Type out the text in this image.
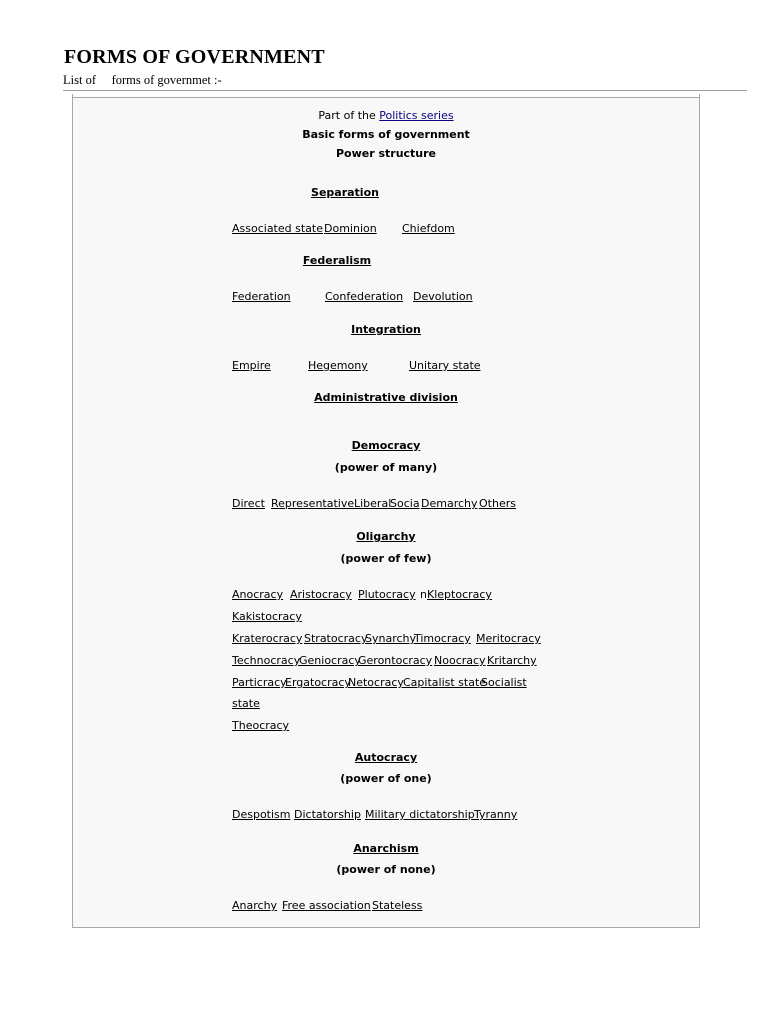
FORMS OF GOVERNMENT
List of     forms of governmet :-
Part of the Politics series
Basic forms of government
Power structure
Separation
Associated state Dominion Chiefdom
Federalism
Federation	Confederation Devolution
Integration
Empire	Hegemony	Unitary state
Administrative division
Democracy
(power of many)
Direct Representative Liberal
Socia Demarchy Others
Oligarchy
(power of few)
Anocracy Aristocracy Plutocracy n Kleptocracy
Kakistocracy
Kraterocracy Stratocracy
Synarchy
Timocracy Meritocracy
Technocracy
Geniocracy
Gerontocracy Noocracy Kritarchy
Particracy
Ergatocracy
Netocracy Capitalist state
Socialist
state
Theocracy
Autocracy
(power of one)
Despotism Dictatorship Military dictatorship Tyranny
Anarchism
(power of none)
Anarchy Free association Stateless
